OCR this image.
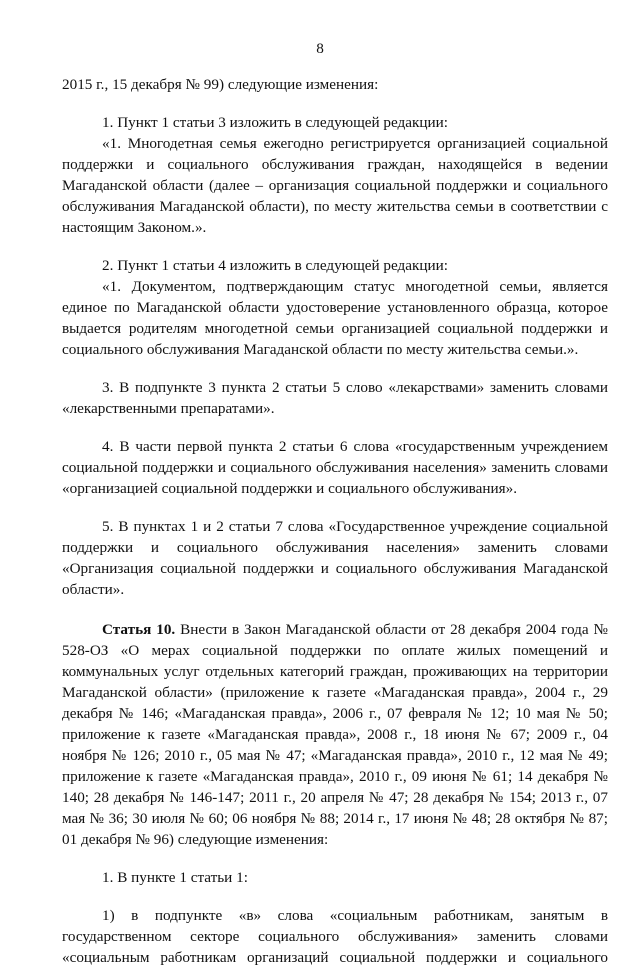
8

2015 г., 15 декабря № 99) следующие изменения:

1. Пункт 1 статьи 3 изложить в следующей редакции:

«1. Многодетная семья ежегодно регистрируется организацией социальной поддержки и социального обслуживания граждан, находящейся в ведении Магаданской области (далее – организация социальной поддержки и социального обслуживания Магаданской области), по месту жительства семьи в соответствии с настоящим Законом.».

2. Пункт 1 статьи 4 изложить в следующей редакции:

«1. Документом, подтверждающим статус многодетной семьи, является единое по Магаданской области удостоверение установленного образца, которое выдается родителям многодетной семьи организацией социальной поддержки и социального обслуживания Магаданской области по месту жительства семьи.».

3. В подпункте 3 пункта 2 статьи 5 слово «лекарствами» заменить словами «лекарственными препаратами».

4. В части первой пункта 2 статьи 6 слова «государственным учреждением социальной поддержки и социального обслуживания населения» заменить словами «организацией социальной поддержки и социального обслуживания».

5. В пунктах 1 и 2 статьи 7 слова «Государственное учреждение социальной поддержки и социального обслуживания населения» заменить словами «Организация социальной поддержки и социального обслуживания Магаданской области».

Статья 10. Внести в Закон Магаданской области от 28 декабря 2004 года № 528-ОЗ «О мерах социальной поддержки по оплате жилых помещений и коммунальных услуг отдельных категорий граждан, проживающих на территории Магаданской области» (приложение к газете «Магаданская правда», 2004 г., 29 декабря № 146; «Магаданская правда», 2006 г., 07 февраля № 12; 10 мая № 50; приложение к газете «Магаданская правда», 2008 г., 18 июня № 67; 2009 г., 04 ноября № 126; 2010 г., 05 мая № 47; «Магаданская правда», 2010 г., 12 мая № 49; приложение к газете «Магаданская правда», 2010 г., 09 июня № 61; 14 декабря № 140; 28 декабря № 146-147; 2011 г., 20 апреля № 47; 28 декабря № 154; 2013 г., 07 мая № 36; 30 июля № 60; 06 ноября № 88; 2014 г., 17 июня № 48; 28 октября № 87; 01 декабря № 96) следующие изменения:

1. В пункте 1 статьи 1:

1) в подпункте «в» слова «социальным работникам, занятым в государственном секторе социального обслуживания» заменить словами «социальным работникам организаций социальной поддержки и социального
